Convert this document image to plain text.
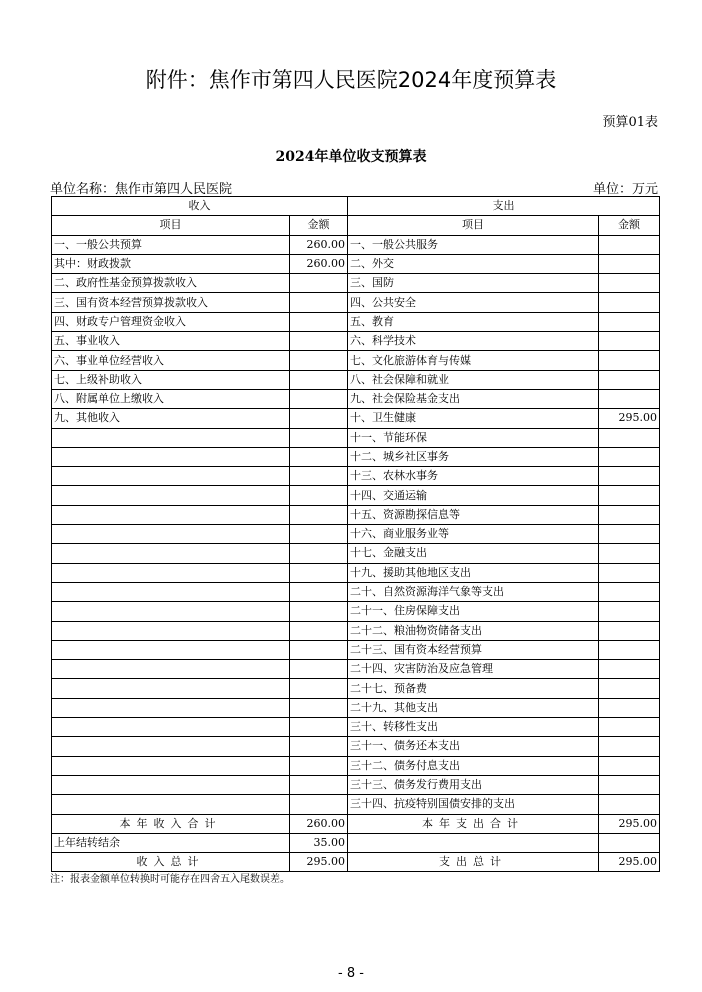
附件：焦作市第四人民医院2024年度预算表
预算01表
2024年单位收支预算表
单位名称：焦作市第四人民医院	单位：万元
收入		支出	
项目	金额	项目	金额
一、一般公共预算	260.00	一、一般公共服务	
其中：财政拨款	260.00	二、外交	
二、政府性基金预算拨款收入		三、国防	
三、国有资本经营预算拨款收入		四、公共安全	
四、财政专户管理资金收入		五、教育	
五、事业收入		六、科学技术	
六、事业单位经营收入		七、文化旅游体育与传媒	
七、上级补助收入		八、社会保障和就业	
八、附属单位上缴收入		九、社会保险基金支出	
九、其他收入		十、卫生健康	295.00
		十一、节能环保	
		十二、城乡社区事务	
		十三、农林水事务	
		十四、交通运输	
		十五、资源勘探信息等	
		十六、商业服务业等	
		十七、金融支出	
		十九、援助其他地区支出	
		二十、自然资源海洋气象等支出	
		二十一、住房保障支出	
		二十二、粮油物资储备支出	
		二十三、国有资本经营预算	
		二十四、灾害防治及应急管理	
		二十七、预备费	
		二十九、其他支出	
		三十、转移性支出	
		三十一、债务还本支出	
		三十二、债务付息支出	
		三十三、债务发行费用支出	
		三十四、抗疫特别国债安排的支出	
本年收入合计	260.00	本年支出合计	295.00
上年结转结余	35.00		
收入总计	295.00	支出总计	295.00
注：报表金额单位转换时可能存在四舍五入尾数误差。
- 8 -
